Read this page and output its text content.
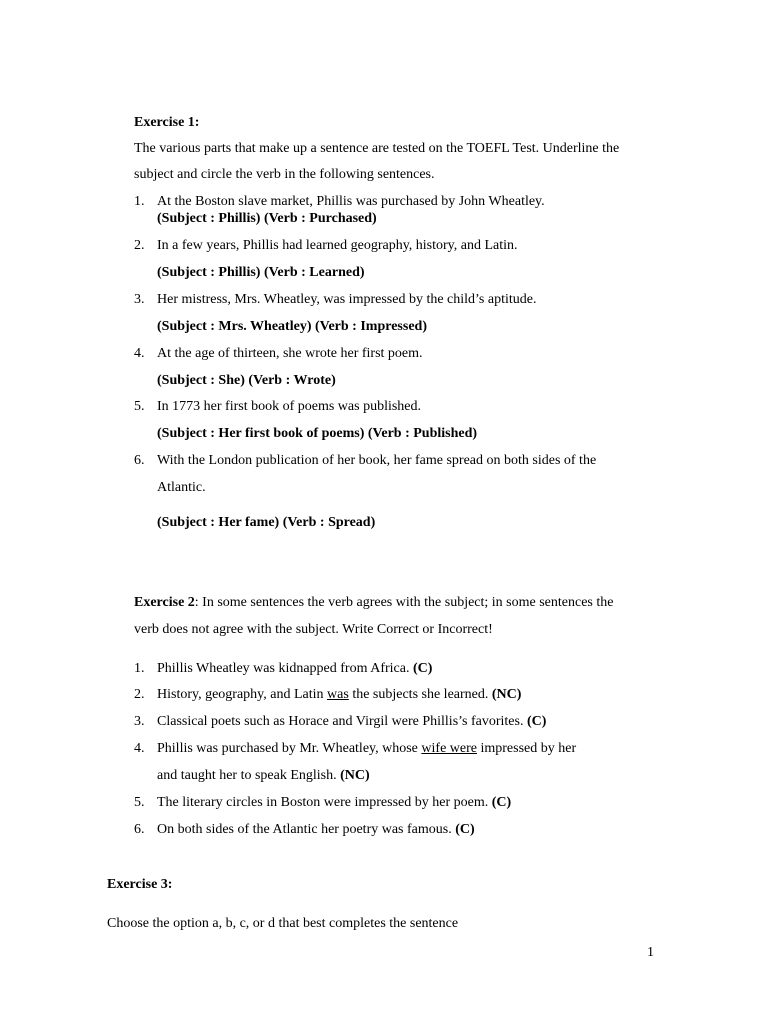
Exercise 1:
The various parts that make up a sentence are tested on the TOEFL Test. Underline the
subject and circle the verb in the following sentences.
1. At the Boston slave market, Phillis was purchased by John Wheatley.
(Subject : Phillis) (Verb : Purchased)
2. In a few years, Phillis had learned geography, history, and Latin.
(Subject : Phillis) (Verb : Learned)
3. Her mistress, Mrs. Wheatley, was impressed by the child’s aptitude.
(Subject : Mrs. Wheatley) (Verb : Impressed)
4. At the age of thirteen, she wrote her first poem.
(Subject : She) (Verb : Wrote)
5. In 1773 her first book of poems was published.
(Subject : Her first book of poems) (Verb : Published)
6. With the London publication of her book, her fame spread on both sides of the
Atlantic.
(Subject : Her fame) (Verb : Spread)
Exercise 2: In some sentences the verb agrees with the subject; in some sentences the
verb does not agree with the subject. Write Correct or Incorrect!
1. Phillis Wheatley was kidnapped from Africa. (C)
2. History, geography, and Latin was the subjects she learned. (NC)
3. Classical poets such as Horace and Virgil were Phillis’s favorites. (C)
4. Phillis was purchased by Mr. Wheatley, whose wife were impressed by her
and taught her to speak English. (NC)
5. The literary circles in Boston were impressed by her poem. (C)
6. On both sides of the Atlantic her poetry was famous. (C)
Exercise 3:
Choose the option a, b, c, or d that best completes the sentence
1
